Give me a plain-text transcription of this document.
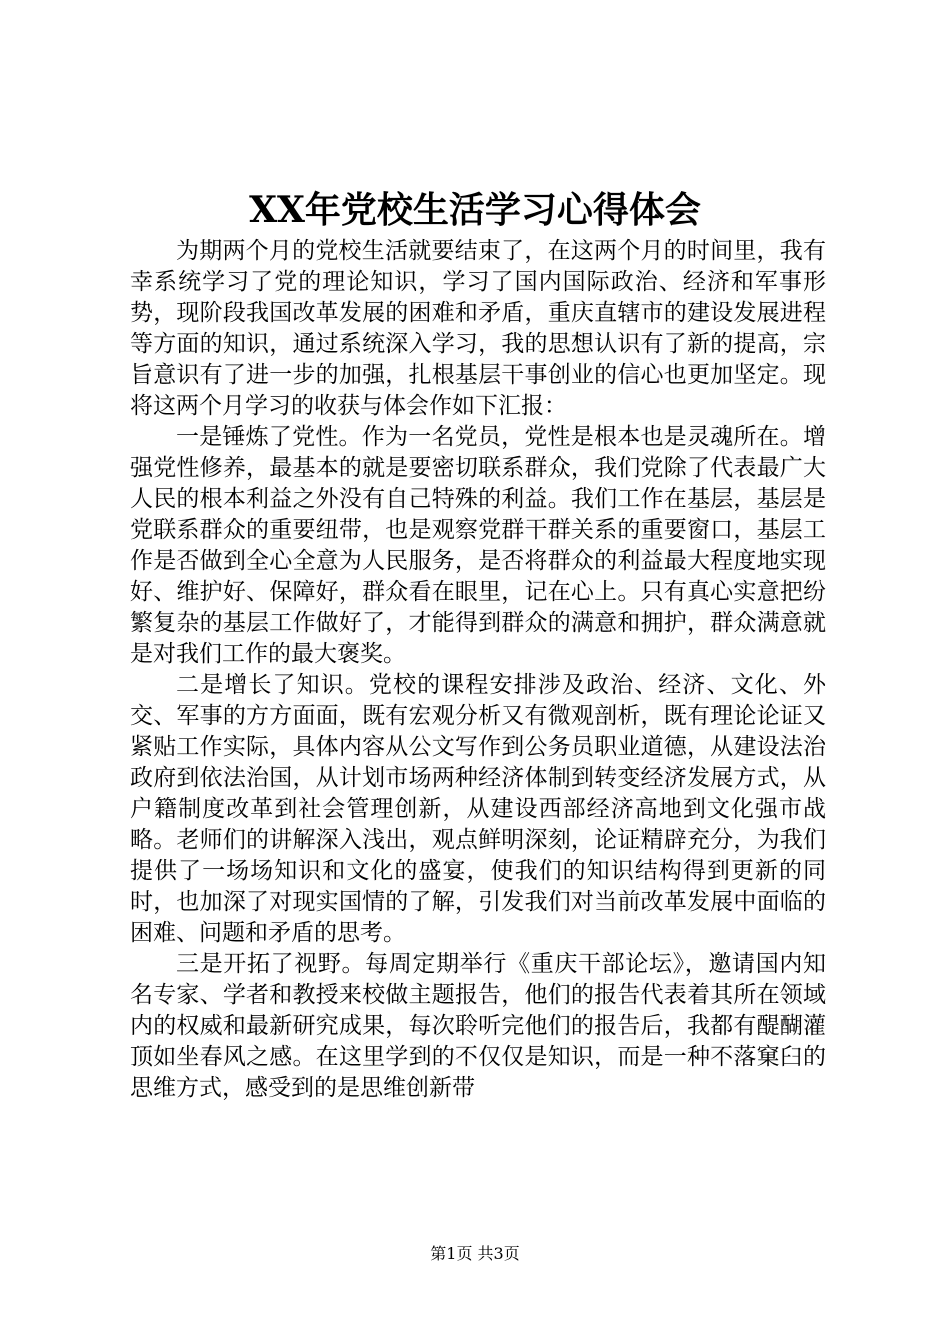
XX年党校生活学习心得体会

为期两个月的党校生活就要结束了，在这两个月的时间里，我有幸系统学习了党的理论知识，学习了国内国际政治、经济和军事形势，现阶段我国改革发展的困难和矛盾，重庆直辖市的建设发展进程等方面的知识，通过系统深入学习，我的思想认识有了新的提高，宗旨意识有了进一步的加强，扎根基层干事创业的信心也更加坚定。现将这两个月学习的收获与体会作如下汇报：

一是锤炼了党性。作为一名党员，党性是根本也是灵魂所在。增强党性修养，最基本的就是要密切联系群众，我们党除了代表最广大人民的根本利益之外没有自己特殊的利益。我们工作在基层，基层是党联系群众的重要纽带，也是观察党群干群关系的重要窗口，基层工作是否做到全心全意为人民服务，是否将群众的利益最大程度地实现好、维护好、保障好，群众看在眼里，记在心上。只有真心实意把纷繁复杂的基层工作做好了，才能得到群众的满意和拥护，群众满意就是对我们工作的最大褒奖。

二是增长了知识。党校的课程安排涉及政治、经济、文化、外交、军事的方方面面，既有宏观分析又有微观剖析，既有理论论证又紧贴工作实际，具体内容从公文写作到公务员职业道德，从建设法治政府到依法治国，从计划市场两种经济体制到转变经济发展方式，从户籍制度改革到社会管理创新，从建设西部经济高地到文化强市战略。老师们的讲解深入浅出，观点鲜明深刻，论证精辟充分，为我们提供了一场场知识和文化的盛宴，使我们的知识结构得到更新的同时，也加深了对现实国情的了解，引发我们对当前改革发展中面临的困难、问题和矛盾的思考。

三是开拓了视野。每周定期举行《重庆干部论坛》，邀请国内知名专家、学者和教授来校做主题报告，他们的报告代表着其所在领域内的权威和最新研究成果，每次聆听完他们的报告后，我都有醍醐灌顶如坐春风之感。在这里学到的不仅仅是知识，而是一种不落窠臼的思维方式，感受到的是思维创新带

第1页 共3页
